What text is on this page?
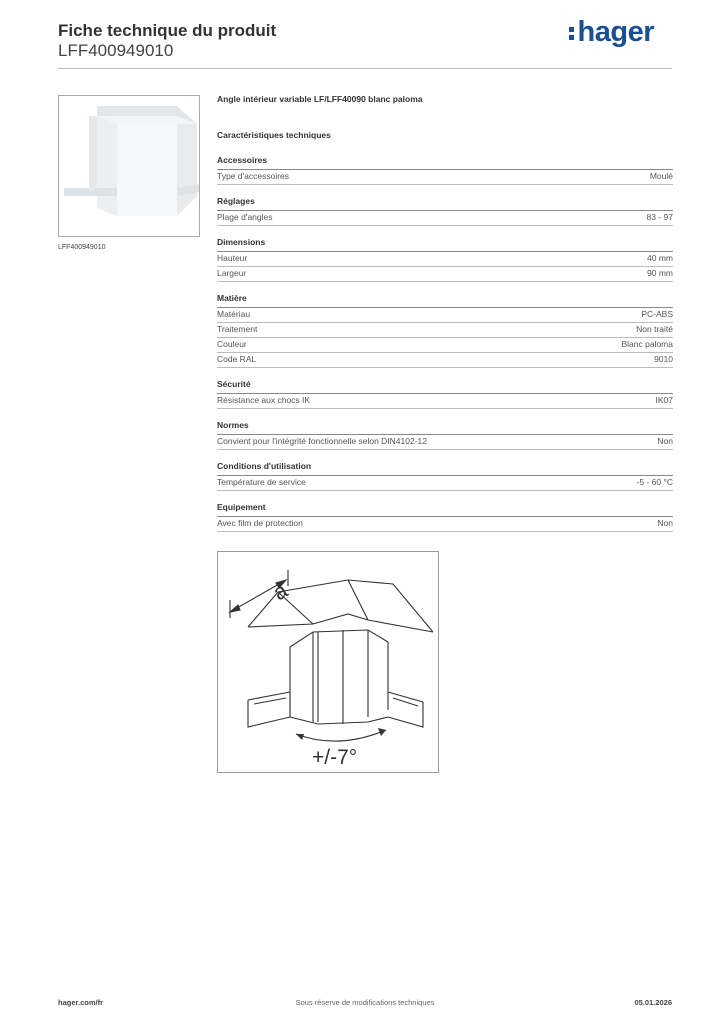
Fiche technique du produit
LFF400949010
hager
LFF400949010
Angle intérieur variable LF/LFF40090 blanc paloma
Caractéristiques techniques
Accessoires
Type d'accessoires	Moulé
Réglages
Plage d'angles	83 - 97
Dimensions
Hauteur	40 mm
Largeur	90 mm
Matière
Matériau	PC-ABS
Traitement	Non traité
Couleur	Blanc paloma
Code RAL	9010
Sécurité
Résistance aux chocs IK	IK07
Normes
Convient pour l'intégrité fonctionnelle selon DIN4102-12	Non
Conditions d'utilisation
Température de service	-5 - 60 °C
Equipement
Avec film de protection	Non
a
+/-7°
hager.com/fr	Sous réserve de modifications techniques	05.01.2026
